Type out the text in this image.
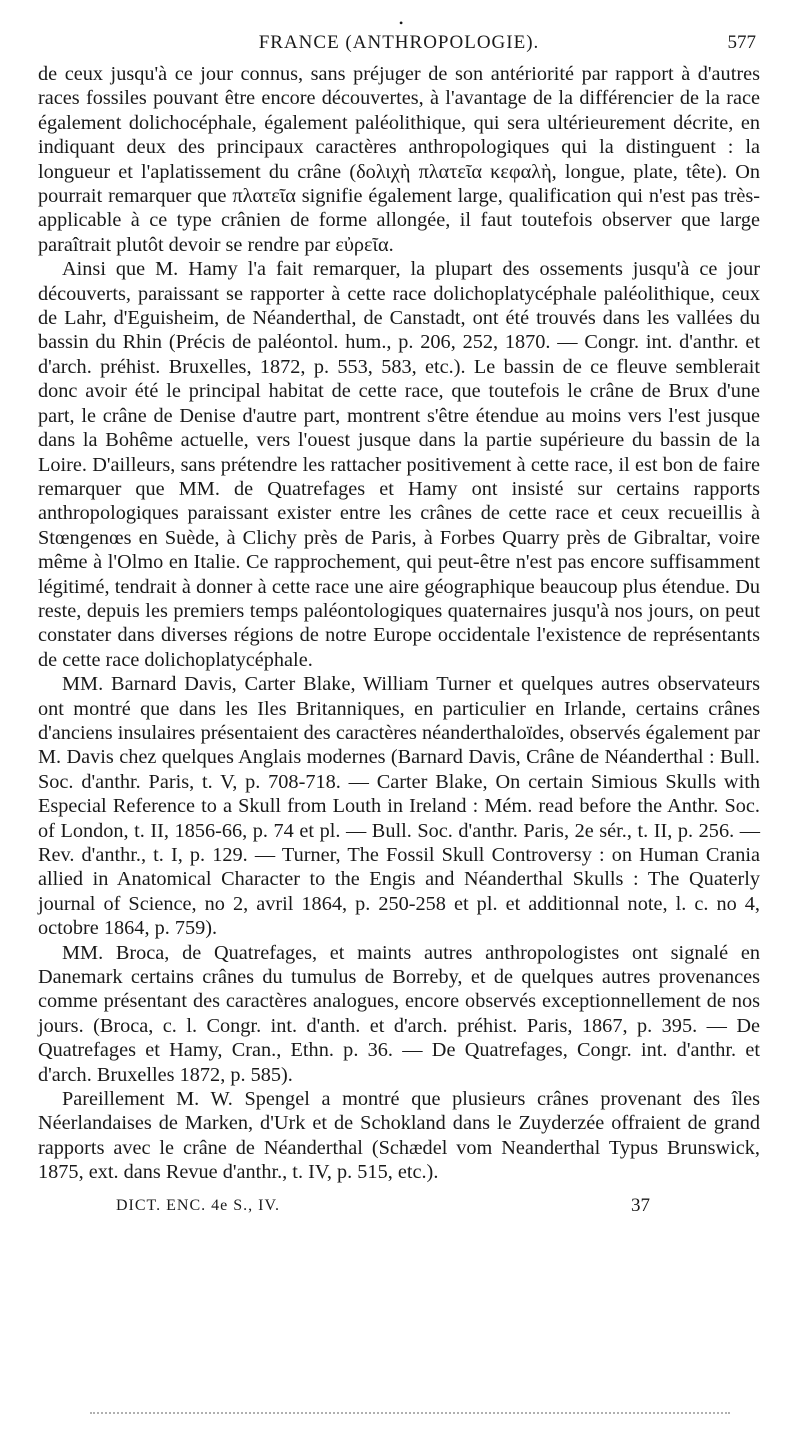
•
FRANCE (ANTHROPOLOGIE).	577

de ceux jusqu'à ce jour connus, sans préjuger de son antériorité par rapport à d'autres races fossiles pouvant être encore découvertes, à l'avantage de la différencier de la race également dolichocéphale, également paléolithique, qui sera ultérieurement décrite, en indiquant deux des principaux caractères anthropologiques qui la distinguent : la longueur et l'aplatissement du crâne (δολιχὴ πλατεῖα κεφαλὴ, longue, plate, tête). On pourrait remarquer que πλατεῖα signifie également large, qualification qui n'est pas très-applicable à ce type crânien de forme allongée, il faut toutefois observer que large paraîtrait plutôt devoir se rendre par εὐρεῖα.

Ainsi que M. Hamy l'a fait remarquer, la plupart des ossements jusqu'à ce jour découverts, paraissant se rapporter à cette race dolichoplatycéphale paléolithique, ceux de Lahr, d'Eguisheim, de Néanderthal, de Canstadt, ont été trouvés dans les vallées du bassin du Rhin (Précis de paléontol. hum., p. 206, 252, 1870. — Congr. int. d'anthr. et d'arch. préhist. Bruxelles, 1872, p. 553, 583, etc.). Le bassin de ce fleuve semblerait donc avoir été le principal habitat de cette race, que toutefois le crâne de Brux d'une part, le crâne de Denise d'autre part, montrent s'être étendue au moins vers l'est jusque dans la Bohême actuelle, vers l'ouest jusque dans la partie supérieure du bassin de la Loire. D'ailleurs, sans prétendre les rattacher positivement à cette race, il est bon de faire remarquer que MM. de Quatrefages et Hamy ont insisté sur certains rapports anthropologiques paraissant exister entre les crânes de cette race et ceux recueillis à Stœngenœs en Suède, à Clichy près de Paris, à Forbes Quarry près de Gibraltar, voire même à l'Olmo en Italie. Ce rapprochement, qui peut-être n'est pas encore suffisamment légitimé, tendrait à donner à cette race une aire géographique beaucoup plus étendue. Du reste, depuis les premiers temps paléontologiques quaternaires jusqu'à nos jours, on peut constater dans diverses régions de notre Europe occidentale l'existence de représentants de cette race dolichoplatycéphale.

MM. Barnard Davis, Carter Blake, William Turner et quelques autres observateurs ont montré que dans les Iles Britanniques, en particulier en Irlande, certains crânes d'anciens insulaires présentaient des caractères néanderthaloïdes, observés également par M. Davis chez quelques Anglais modernes (Barnard Davis, Crâne de Néanderthal : Bull. Soc. d'anthr. Paris, t. V, p. 708-718. — Carter Blake, On certain Simious Skulls with Especial Reference to a Skull from Louth in Ireland : Mém. read before the Anthr. Soc. of London, t. II, 1856-66, p. 74 et pl. — Bull. Soc. d'anthr. Paris, 2e sér., t. II, p. 256. — Rev. d'anthr., t. I, p. 129. — Turner, The Fossil Skull Controversy : on Human Crania allied in Anatomical Character to the Engis and Néanderthal Skulls : The Quaterly journal of Science, no 2, avril 1864, p. 250-258 et pl. et additionnal note, l. c. no 4, octobre 1864, p. 759).

MM. Broca, de Quatrefages, et maints autres anthropologistes ont signalé en Danemark certains crânes du tumulus de Borreby, et de quelques autres provenances comme présentant des caractères analogues, encore observés exceptionnellement de nos jours. (Broca, c. l. Congr. int. d'anth. et d'arch. préhist. Paris, 1867, p. 395. — De Quatrefages et Hamy, Cran., Ethn. p. 36. — De Quatrefages, Congr. int. d'anthr. et d'arch. Bruxelles 1872, p. 585).

Pareillement M. W. Spengel a montré que plusieurs crânes provenant des îles Néerlandaises de Marken, d'Urk et de Schokland dans le Zuyderzée offraient de grand rapports avec le crâne de Néanderthal (Schædel vom Neanderthal Typus Brunswick, 1875, ext. dans Revue d'anthr., t. IV, p. 515, etc.).

DICT. ENC. 4e S., IV.	37
